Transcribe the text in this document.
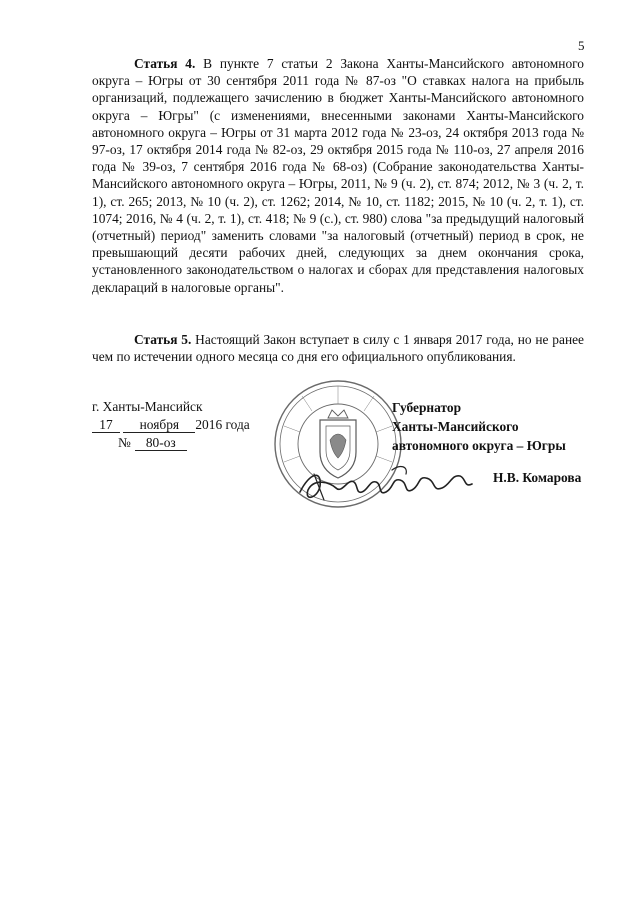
5

Статья 4. В пункте 7 статьи 2 Закона Ханты-Мансийского автономного округа – Югры от 30 сентября 2011 года № 87-оз "О ставках налога на прибыль организаций, подлежащего зачислению в бюджет Ханты-Мансийского автономного округа – Югры" (с изменениями, внесенными законами Ханты-Мансийского автономного округа – Югры от 31 марта 2012 года № 23-оз, 24 октября 2013 года № 97-оз, 17 октября 2014 года № 82-оз, 29 октября 2015 года № 110-оз, 27 апреля 2016 года № 39-оз, 7 сентября 2016 года № 68-оз) (Собрание законодательства Ханты-Мансийского автономного округа – Югры, 2011, № 9 (ч. 2), ст. 874; 2012, № 3 (ч. 2, т. 1), ст. 265; 2013, № 10 (ч. 2), ст. 1262; 2014, № 10, ст. 1182; 2015, № 10 (ч. 2, т. 1), ст. 1074; 2016, № 4 (ч. 2, т. 1), ст. 418; № 9 (с.), ст. 980) слова "за предыдущий налоговый (отчетный) период" заменить словами "за налоговый (отчетный) период в срок, не превышающий десяти рабочих дней, следующих за днем окончания срока, установленного законодательством о налогах и сборах для представления налоговых деклараций в налоговые органы".

Статья 5. Настоящий Закон вступает в силу с 1 января 2017 года, но не ранее чем по истечении одного месяца со дня его официального опубликования.

г. Ханты-Мансийск
17 ноября 2016 года
№ 80-оз
Губернатор
Ханты-Мансийского
автономного округа – Югры
Н.В. Комарова
